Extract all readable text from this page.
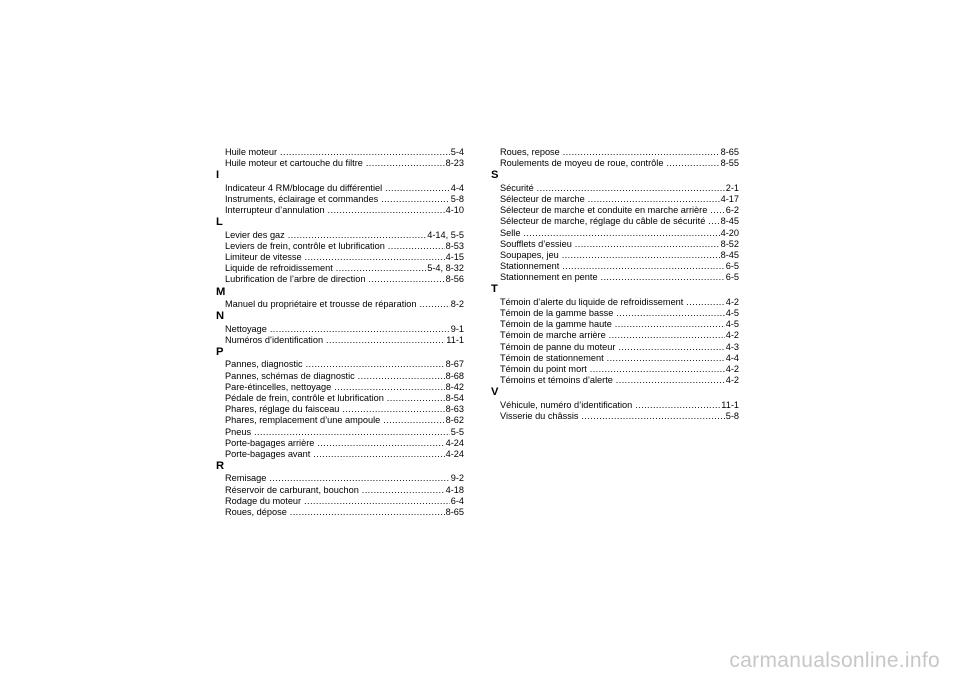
Huile moteur .....	5-4
Huile moteur et cartouche du filtre .....	8-23
I
Indicateur 4 RM/blocage du différentiel .....	4-4
Instruments, éclairage et commandes .....	5-8
Interrupteur d’annulation .....	4-10
L
Levier des gaz .....	4-14, 5-5
Leviers de frein, contrôle et lubrification .....	8-53
Limiteur de vitesse .....	4-15
Liquide de refroidissement .....	5-4, 8-32
Lubrification de l’arbre de direction .....	8-56
M
Manuel du propriétaire et trousse de réparation .....	8-2
N
Nettoyage .....	9-1
Numéros d’identification .....	11-1
P
Pannes, diagnostic .....	8-67
Pannes, schémas de diagnostic .....	8-68
Pare-étincelles, nettoyage .....	8-42
Pédale de frein, contrôle et lubrification .....	8-54
Phares, réglage du faisceau .....	8-63
Phares, remplacement d’une ampoule .....	8-62
Pneus .....	5-5
Porte-bagages arrière .....	4-24
Porte-bagages avant .....	4-24
R
Remisage .....	9-2
Réservoir de carburant, bouchon .....	4-18
Rodage du moteur .....	6-4
Roues, dépose .....	8-65
Roues, repose .....	8-65
Roulements de moyeu de roue, contrôle .....	8-55
S
Sécurité .....	2-1
Sélecteur de marche .....	4-17
Sélecteur de marche et conduite en marche arrière .....	6-2
Sélecteur de marche, réglage du câble de sécurité .....	8-45
Selle .....	4-20
Soufflets d’essieu .....	8-52
Soupapes, jeu .....	8-45
Stationnement .....	6-5
Stationnement en pente .....	6-5
T
Témoin d’alerte du liquide de refroidissement .....	4-2
Témoin de la gamme basse .....	4-5
Témoin de la gamme haute .....	4-5
Témoin de marche arrière .....	4-2
Témoin de panne du moteur .....	4-3
Témoin de stationnement .....	4-4
Témoin du point mort .....	4-2
Témoins et témoins d’alerte .....	4-2
V
Véhicule, numéro d’identification .....	11-1
Visserie du châssis .....	5-8
carmanualsonline.info
